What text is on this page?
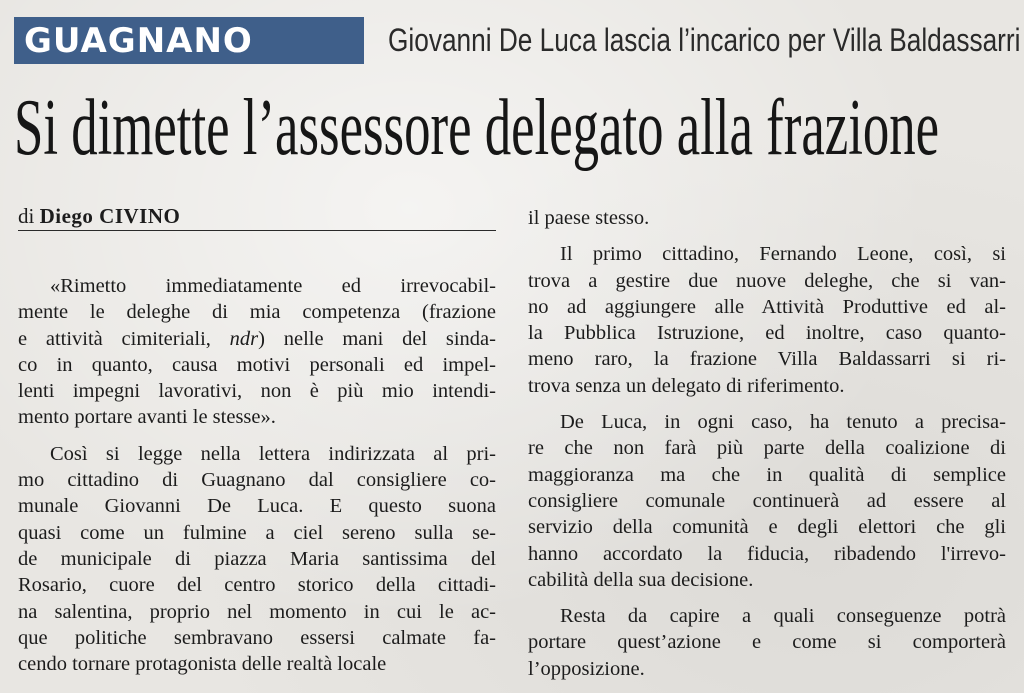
GUAGNANO	Giovanni De Luca lascia l’incarico per Villa Baldassarri
Si dimette l’assessore delegato alla frazione
di Diego CIVINO

«Rimetto immediatamente ed irrevocabil-
mente le deleghe di mia competenza (frazione
e attività cimiteriali, ndr) nelle mani del sinda-
co in quanto, causa motivi personali ed impel-
lenti impegni lavorativi, non è più mio intendi-
mento portare avanti le stesse».

Così si legge nella lettera indirizzata al pri-
mo cittadino di Guagnano dal consigliere co-
munale Giovanni De Luca. E questo suona
quasi come un fulmine a ciel sereno sulla se-
de municipale di piazza Maria santissima del
Rosario, cuore del centro storico della cittadi-
na salentina, proprio nel momento in cui le ac-
que politiche sembravano essersi calmate fa-
cendo tornare protagonista delle realtà locale

il paese stesso.

Il primo cittadino, Fernando Leone, così, si
trova a gestire due nuove deleghe, che si van-
no ad aggiungere alle Attività Produttive ed al-
la Pubblica Istruzione, ed inoltre, caso quanto-
meno raro, la frazione Villa Baldassarri si ri-
trova senza un delegato di riferimento.

De Luca, in ogni caso, ha tenuto a precisa-
re che non farà più parte della coalizione di
maggioranza ma che in qualità di semplice
consigliere comunale continuerà ad essere al
servizio della comunità e degli elettori che gli
hanno accordato la fiducia, ribadendo l'irrevo-
cabilità della sua decisione.

Resta da capire a quali conseguenze potrà
portare quest’azione e come si comporterà
l’opposizione.
